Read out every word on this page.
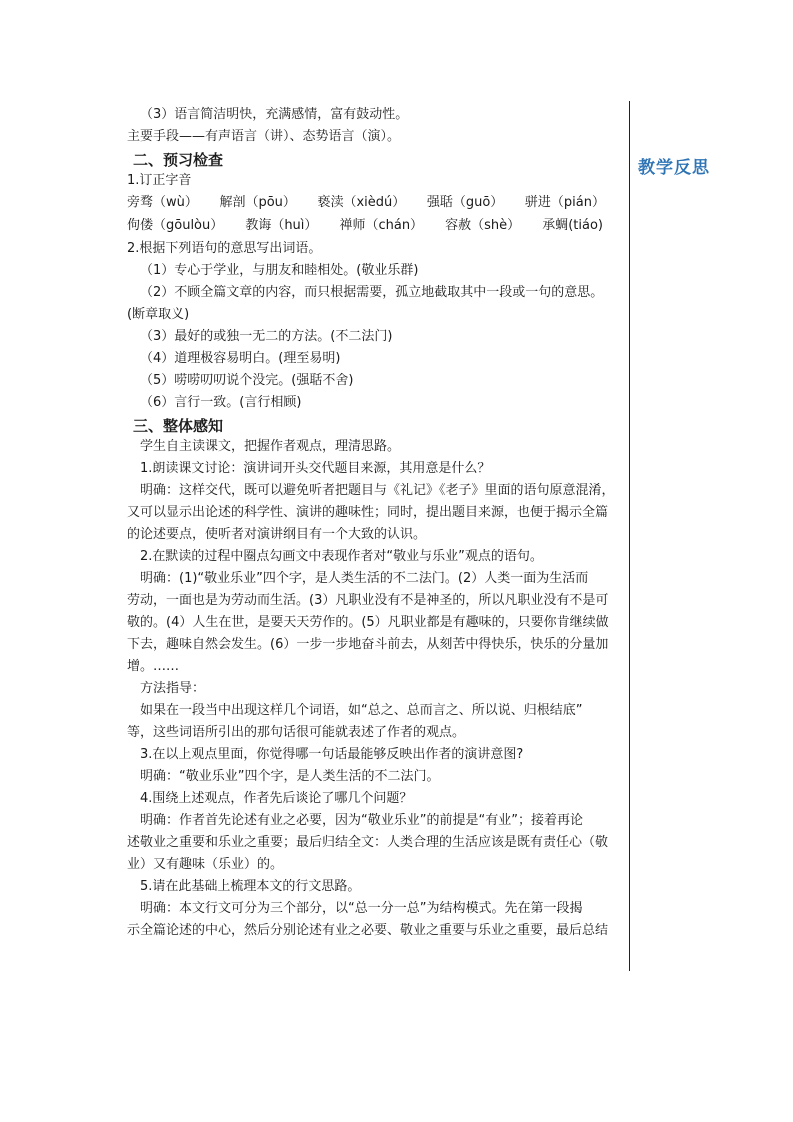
教学反思
（3）语言简洁明快，充满感情，富有鼓动性。
主要手段——有声语言（讲）、态势语言（演）。
二、预习检查
1.订正字音
旁骛（wù） 解剖（pōu） 亵渎（xièdú） 强聒（guō） 骈进（pián）
佝偻（gōulòu） 教诲（huì） 禅师（chán） 容赦（shè） 承蜩(tiáo)
2.根据下列语句的意思写出词语。
（1）专心于学业，与朋友和睦相处。(敬业乐群)
（2）不顾全篇文章的内容，而只根据需要，孤立地截取其中一段或一句的意思。
(断章取义)
（3）最好的或独一无二的方法。(不二法门)
（4）道理极容易明白。(理至易明)
（5）唠唠叨叨说个没完。(强聒不舍)
（6）言行一致。(言行相顾)
三、整体感知
学生自主读课文，把握作者观点，理清思路。
1.朗读课文讨论：演讲词开头交代题目来源，其用意是什么？
明确：这样交代，既可以避免听者把题目与《礼记》《老子》里面的语句原意混淆，
又可以显示出论述的科学性、演讲的趣味性；同时，提出题目来源，也便于揭示全篇
的论述要点，使听者对演讲纲目有一个大致的认识。
2.在默读的过程中圈点勾画文中表现作者对“敬业与乐业”观点的语句。
明确：(1)“敬业乐业”四个字，是人类生活的不二法门。(2）人类一面为生活而
劳动，一面也是为劳动而生活。(3）凡职业没有不是神圣的，所以凡职业没有不是可
敬的。(4）人生在世，是要天天劳作的。(5）凡职业都是有趣味的，只要你肯继续做
下去，趣味自然会发生。(6）一步一步地奋斗前去，从刻苦中得快乐，快乐的分量加
增。……
方法指导：
如果在一段当中出现这样几个词语，如“总之、总而言之、所以说、归根结底”
等，这些词语所引出的那句话很可能就表述了作者的观点。
3.在以上观点里面，你觉得哪一句话最能够反映出作者的演讲意图?
明确：“敬业乐业”四个字，是人类生活的不二法门。
4.围绕上述观点，作者先后谈论了哪几个问题？
明确：作者首先论述有业之必要，因为“敬业乐业”的前提是“有业”；接着再论
述敬业之重要和乐业之重要；最后归结全文：人类合理的生活应该是既有责任心（敬
业）又有趣味（乐业）的。
5.请在此基础上梳理本文的行文思路。
明确：本文行文可分为三个部分，以“总一分一总”为结构模式。先在第一段揭
示全篇论述的中心，然后分别论述有业之必要、敬业之重要与乐业之重要，最后总结
